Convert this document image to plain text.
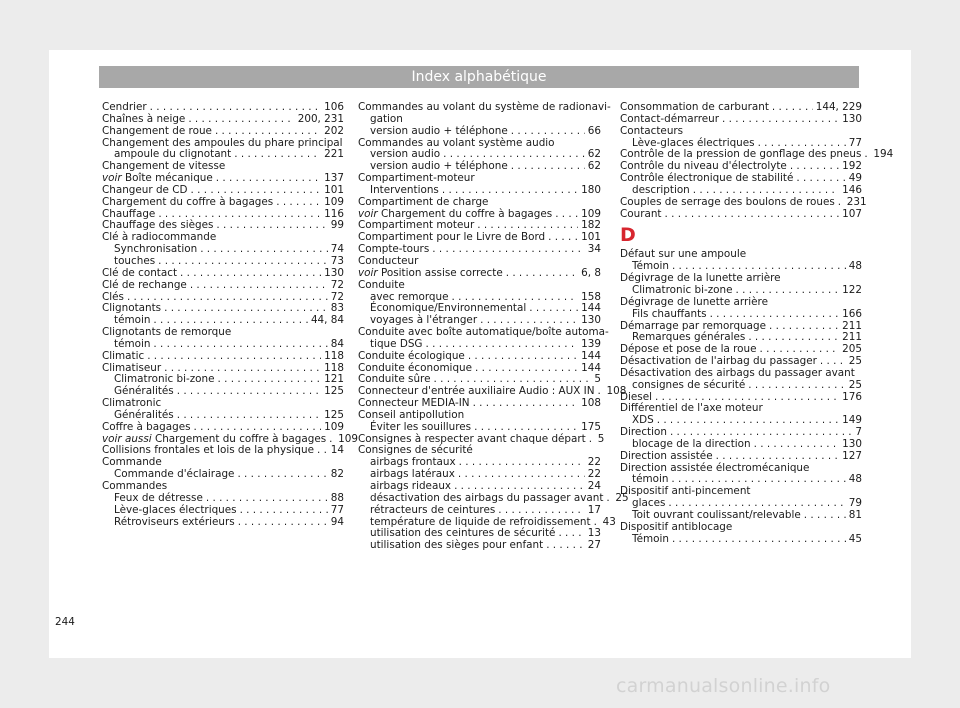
Index alphabétique
Cendrier . . .	106
Chaînes à neige . . .	200, 231
Changement de roue . . .	202
Changement des ampoules du phare principal
ampoule du clignotant . . .	221
Changement de vitesse
voir Boîte mécanique . . .	137
Changeur de CD . . .	101
Chargement du coffre à bagages . . .	109
Chauffage . . .	116
Chauffage des sièges . . .	99
Clé à radiocommande
Synchronisation . . .	74
touches . . .	73
Clé de contact . . .	130
Clé de rechange . . .	72
Clés . . .	72
Clignotants . . .	83
témoin . . .	44, 84
Clignotants de remorque
témoin . . .	84
Climatic . . .	118
Climatiseur . . .	118
Climatronic bi-zone . . .	121
Généralités . . .	125
Climatronic
Généralités . . .	125
Coffre à bagages . . .	109
voir aussi Chargement du coffre à bagages . . . 109
Collisions frontales et lois de la physique . . . 14
Commande
Commande d'éclairage . . .	82
Commandes
Feux de détresse . . .	88
Lève-glaces électriques . . .	77
Rétroviseurs extérieurs . . .	94
Commandes au volant du système de radionavi-
gation
version audio + téléphone . . .	66
Commandes au volant système audio
version audio . . .	62
version audio + téléphone . . .	62
Compartiment-moteur
Interventions . . .	180
Compartiment de charge
voir Chargement du coffre à bagages . . .	109
Compartiment moteur . . .	182
Compartiment pour le Livre de Bord . . .	101
Compte-tours . . .	34
Conducteur
voir Position assise correcte . . .	6, 8
Conduite
avec remorque . . .	158
Économique/Environnemental . . .	144
voyages à l'étranger . . .	130
Conduite avec boîte automatique/boîte automa-
tique DSG . . .	139
Conduite écologique . . .	144
Conduite économique . . .	144
Conduite sûre . . .	5
Connecteur d'entrée auxiliaire Audio : AUX IN . . . 108
Connecteur MEDIA-IN . . .	108
Conseil antipollution
Éviter les souillures . . .	175
Consignes à respecter avant chaque départ . . . 5
Consignes de sécurité
airbags frontaux . . .	22
airbags latéraux . . .	22
airbags rideaux . . .	24
désactivation des airbags du passager avant . . . 25
rétracteurs de ceintures . . .	17
température de liquide de refroidissement . . . 43
utilisation des ceintures de sécurité . . .	13
utilisation des sièges pour enfant . . .	27
Consommation de carburant . . .	144, 229
Contact-démarreur . . .	130
Contacteurs
Lève-glaces électriques . . .	77
Contrôle de la pression de gonflage des pneus . . . 194
Contrôle du niveau d'électrolyte . . .	192
Contrôle électronique de stabilité . . .	49
description . . .	146
Couples de serrage des boulons de roues . . . 231
Courant . . .	107
D
Défaut sur une ampoule
Témoin . . .	48
Dégivrage de la lunette arrière
Climatronic bi-zone . . .	122
Dégivrage de lunette arrière
Fils chauffants . . .	166
Démarrage par remorquage . . .	211
Remarques générales . . .	211
Dépose et pose de la roue . . .	205
Désactivation de l'airbag du passager . . .	25
Désactivation des airbags du passager avant
consignes de sécurité . . .	25
Diesel . . .	176
Différentiel de l'axe moteur
XDS . . .	149
Direction . . .	7
blocage de la direction . . .	130
Direction assistée . . .	127
Direction assistée électromécanique
témoin . . .	48
Dispositif anti-pincement
glaces . . .	79
Toit ouvrant coulissant/relevable . . .	81
Dispositif antiblocage
Témoin . . .	45
244
carmanualsonline.info
